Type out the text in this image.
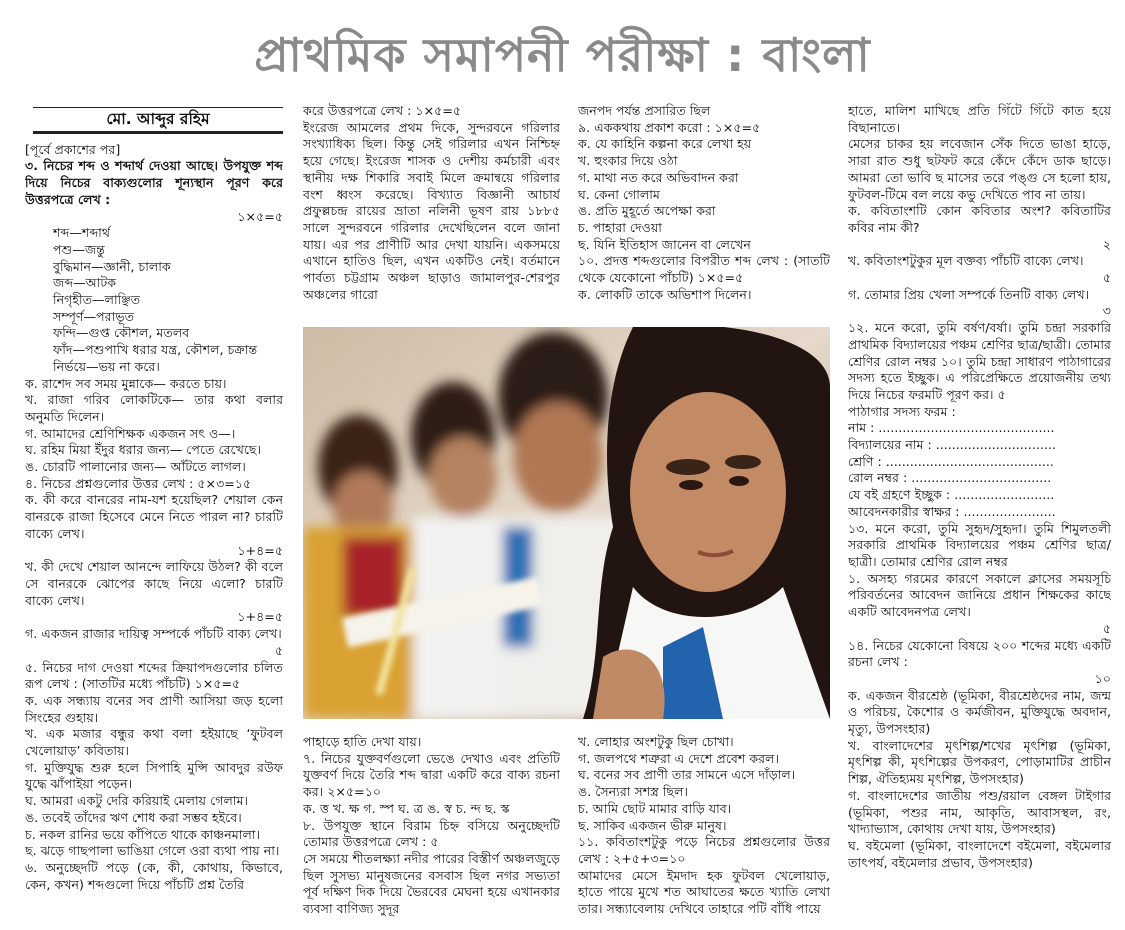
প্রাথমিক সমাপনী পরীক্ষা : বাংলা
মো. আব্দুর রহিম

[পূর্বে প্রকাশের পর]

৩. নিচের শব্দ ও শব্দার্থ দেওয়া আছে। উপযুক্ত শব্দ দিয়ে নিচের বাক্যগুলোর শূন্যস্থান পূরণ করে উত্তরপত্রে লেখ :

১×৫=৫

শব্দ—শব্দার্থ

পশু—জন্তু

বুদ্ধিমান—জ্ঞানী, চালাক

জব্দ—আটক

নিগৃহীত—লাঞ্ছিত

সম্পূর্ণ—পরাভূত

ফন্দি—গুপ্ত কৌশল, মতলব

ফাঁদ—পশুপাখি ধরার যন্ত্র, কৌশল, চক্রান্ত

নির্ভয়ে—ভয় না করে।

ক. রাশেদ সব সময় মুন্নাকে— করতে চায়।

খ. রাজা গরিব লোকটিকে— তার কথা বলার অনুমতি দিলেন।

গ. আমাদের শ্রেণিশিক্ষক একজন সৎ ও—।

ঘ. রহিম মিয়া ইঁদুর ধরার জন্য— পেতে রেখেছে।

ঙ. চোরটি পালানোর জন্য— আঁটতে লাগল।

৪. নিচের প্রশ্নগুলোর উত্তর লেখ : ৫×৩=১৫

ক. কী করে বানরের নাম-যশ হয়েছিল? শেয়াল কেন বানরকে রাজা হিসেবে মেনে নিতে পারল না? চারটি বাক্যে লেখ।

১+৪=৫

খ. কী দেখে শেয়াল আনন্দে লাফিয়ে উঠল? কী বলে সে বানরকে ঝোপের কাছে নিয়ে এলো? চারটি বাক্যে লেখ।

১+৪=৫

গ. একজন রাজার দায়িত্ব সম্পর্কে পাঁচটি বাক্য লেখ।

৫

৫. নিচের দাগ দেওয়া শব্দের ক্রিয়াপদগুলোর চলিত রূপ লেখ : (সাতটির মধ্যে পাঁচটি) ১×৫=৫

ক. এক সন্ধ্যায় বনের সব প্রাণী আসিয়া জড় হলো সিংহের গুহায়।

খ. এক মজার বন্ধুর কথা বলা হইয়াছে ‘ফুটবল খেলোয়াড়’ কবিতায়।

গ. মুক্তিযুদ্ধ শুরু হলে সিপাহি মুন্সি আবদুর রউফ যুদ্ধে ঝাঁপাইয়া পড়েন।

ঘ. আমরা একটু দেরি করিয়াই মেলায় গেলাম।

ঙ. তবেই তাঁদের ঋণ শোধ করা সম্ভব হইবে।

চ. নকল রানির ভয়ে কাঁপিতে থাকে কাঞ্চনমালা।

ছ. ঝড়ে গাছপালা ভাঙিয়া গেলে ওরা ব্যথা পায় না।

৬. অনুচ্ছেদটি পড়ে (কে, কী, কোথায়, কিভাবে, কেন, কখন) শব্দগুলো দিয়ে পাঁচটি প্রশ্ন তৈরি

করে উত্তরপত্রে লেখ : ১×৫=৫

ইংরেজ আমলের প্রথম দিকে, সুন্দরবনে গরিলার সংখ্যাধিক্য ছিল। কিন্তু সেই গরিলার এখন নিশ্চিহ্ন হয়ে গেছে। ইংরেজ শাসক ও দেশীয় কর্মচারী এবং স্থানীয় দক্ষ শিকারি সবাই মিলে ক্রমান্বয়ে গরিলার বংশ ধ্বংস করেছে। বিখ্যাত বিজ্ঞানী আচার্য প্রফুল্লচন্দ্র রায়ের ভ্রাতা নলিনী ভূষণ রায় ১৮৮৫ সালে সুন্দরবনে গরিলার দেখেছিলেন বলে জানা যায়। এর পর প্রাণীটি আর দেখা যায়নি। একসময়ে এখানে হাতিও ছিল, এখন একটিও নেই। বর্তমানে পার্বত্য চট্টগ্রাম অঞ্চল ছাড়াও জামালপুর-শেরপুর অঞ্চলের গারো

জনপদ পর্যন্ত প্রসারিত ছিল

৯. এককথায় প্রকাশ করো : ১×৫=৫

ক. যে কাহিনি কল্পনা করে লেখা হয়

খ. হুংকার দিয়ে ওঠা

গ. মাথা নত করে অভিবাদন করা

ঘ. কেনা গোলাম

ঙ. প্রতি মুহূর্তে অপেক্ষা করা

চ. পাহারা দেওয়া

ছ. যিনি ইতিহাস জানেন বা লেখেন

১০. প্রদত্ত শব্দগুলোর বিপরীত শব্দ লেখ : (সাতটি থেকে যেকোনো পাঁচটি) ১×৫=৫

ক. লোকটি তাকে অভিশাপ দিলেন।

পাহাড়ে হাতি দেখা যায়।

৭. নিচের যুক্তবর্ণগুলো ভেঙে দেখাও এবং প্রতিটি যুক্তবর্ণ দিয়ে তৈরি শব্দ দ্বারা একটি করে বাক্য রচনা কর। ২×৫=১০

ক. ত্ত খ. ক্ষ গ. স্প ঘ. ত্র ঙ. স্ব চ. ন্দ ছ. স্ক

৮. উপযুক্ত স্থানে বিরাম চিহ্ন বসিয়ে অনুচ্ছেদটি তোমার উত্তরপত্রে লেখ : ৫

সে সময়ে শীতলক্ষ্যা নদীর পারের বিস্তীর্ণ অঞ্চলজুড়ে ছিল সুসভ্য মানুষজনের বসবাস ছিল নগর সভ্যতা পূর্ব দক্ষিণ দিক দিয়ে ভৈরবের মেঘনা হয়ে এখানকার ব্যবসা বাণিজ্য সুদূর

খ. লোহার অংশটুকু ছিল চোখা।

গ. জলপথে শত্রুরা এ দেশে প্রবেশ করল।

ঘ. বনের সব প্রাণী তার সামনে এসে দাঁড়াল।

ঙ. সৈন্যরা সশস্ত্র ছিল।

চ. আমি ছোট মামার বাড়ি যাব।

ছ. সাকিব একজন ভীরু মানুষ।

১১. কবিতাংশটুকু পড়ে নিচের প্রশ্নগুলোর উত্তর লেখ : ২+৫+৩=১০

আমাদের মেসে ইমদাদ হক ফুটবল খেলোয়াড়, হাতে পায়ে মুখে শত আঘাতের ক্ষতে খ্যাতি লেখা তার। সন্ধ্যাবেলায় দেখিবে তাহারে পটি বাঁধি পায়ে

হাতে, মালিশ মাখিছে প্রতি গিঁটে গিঁটে কাত হয়ে বিছানাতে।

মেসের চাকর হয় লবেজান সেঁক দিতে ভাঙা হাড়ে, সারা রাত শুধু ছটফট করে কেঁদে কেঁদে ডাক ছাড়ে। আমরা তো ভাবি ছ মাসের তরে পঙ্গু সে হলো হায়, ফুটবল-টিমে বল লয়ে কভু দেখিতে পাব না তায়।

ক. কবিতাংশটি কোন কবিতার অংশ? কবিতাটির কবির নাম কী?

২

খ. কবিতাংশটুকুর মূল বক্তব্য পাঁচটি বাক্যে লেখ।

৫

গ. তোমার প্রিয় খেলা সম্পর্কে তিনটি বাক্য লেখ।

৩

১২. মনে করো, তুমি বর্ষণ/বর্ষা। তুমি চন্দ্রা সরকারি প্রাথমিক বিদ্যালয়ের পঞ্চম শ্রেণির ছাত্র/ছাত্রী। তোমার শ্রেণির রোল নম্বর ১০। তুমি চন্দ্রা সাধারণ পাঠাগারের সদস্য হতে ইচ্ছুক। এ পরিপ্রেক্ষিতে প্রয়োজনীয় তথ্য দিয়ে নিচের ফরমটি পূরণ কর। ৫

পাঠাগার সদস্য ফরম :

নাম : ............................................

বিদ্যালয়ের নাম : ..............................

শ্রেণি : ..........................................

রোল নম্বর : ...................................

যে বই গ্রহণে ইচ্ছুক : .........................

আবেদনকারীর স্বাক্ষর : .......................

১৩. মনে করো, তুমি সুহৃদ/সুহৃদা। তুমি শিমুলতলী সরকারি প্রাথমিক বিদ্যালয়ের পঞ্চম শ্রেণির ছাত্র/ছাত্রী। তোমার শ্রেণির রোল নম্বর

১. অসহ্য গরমের কারণে সকালে ক্লাসের সময়সূচি পরিবর্তনের আবেদন জানিয়ে প্রধান শিক্ষকের কাছে একটি আবেদনপত্র লেখ।

৫

১৪. নিচের যেকোনো বিষয়ে ২০০ শব্দের মধ্যে একটি রচনা লেখ :

১০

ক. একজন বীরশ্রেষ্ঠ (ভূমিকা, বীরশ্রেষ্ঠদের নাম, জন্ম ও পরিচয়, কৈশোর ও কর্মজীবন, মুক্তিযুদ্ধে অবদান, মৃত্যু, উপসংহার)

খ. বাংলাদেশের মৃৎশিল্প/শখের মৃৎশিল্প (ভূমিকা, মৃৎশিল্প কী, মৃৎশিল্পের উপকরণ, পোড়ামাটির প্রাচীন শিল্প, ঐতিহ্যময় মৃৎশিল্প, উপসংহার)

গ. বাংলাদেশের জাতীয় পশু/রয়াল বেঙ্গল টাইগার (ভূমিকা, পশুর নাম, আকৃতি, আবাসস্থল, রং, খাদ্যাভ্যাস, কোথায় দেখা যায়, উপসংহার)

ঘ. বইমেলা (ভূমিকা, বাংলাদেশে বইমেলা, বইমেলার তাৎপর্য, বইমেলার প্রভাব, উপসংহার)
